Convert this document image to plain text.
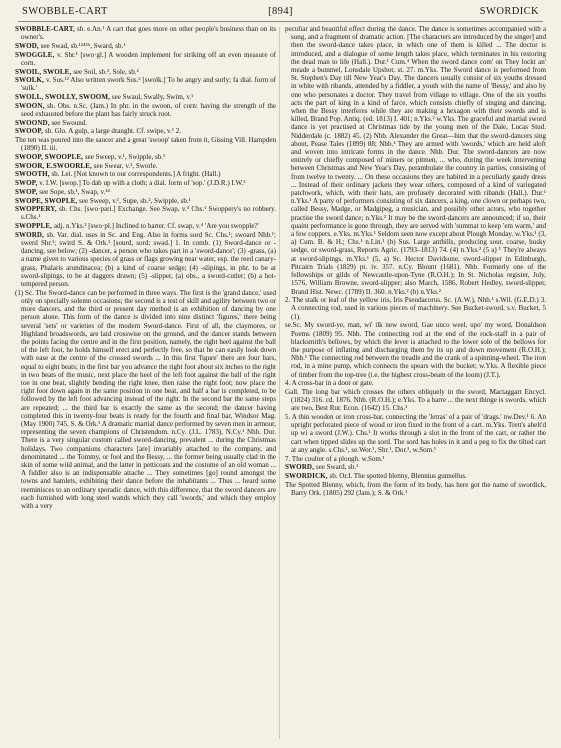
SWOBBLE-CART	[894]	SWORDICK

SWOBBLE-CART, sb. e.An.¹ A cart that goes more on other people's business than on its owner's.

SWOD, see Swad, sb.¹²⁴⁵⁶, Sward, sb.¹

SWOGGLE, v. Shr.¹ [swo·gl.] A wooden implement for striking off an even measure of corn.

SWOIL, SWOLE, see Soil, sb.², Sole, sb.²

SWOLK, v. Sus.¹² Also written swork Sus.² [swolk.] To be angry and surly; fa dial. form of 'sulk.'

SWOLL, SWOLLY, SWOOM, see Swaul, Swally, Swim, v.¹

SWOON, sb. Obs. n.Sc. (Jam.) In phr. in the swoon, of corn: having the strength of the seed exhausted before the plant has fairly struck root.

SWOOND, see Swound.

SWOOP, sb. Glo. A gulp, a large draught. Cf. swipe, v.¹ 2.

The ten was poured into the saucer and a great 'swoop' taken from it, Gissing Vill. Hampden (1890) II. iii.

SWOOP, SWOOPLE, see Sweep, v.¹, Swipple, sb.¹

SWOOR, E.SWOORLE, see Swear, v.², Sworle.

SWOOTH, sb. Lei. [Not known to our correspondents.] A fright. (Hall.)

SWOP, v. I.W. [swop.] To dab up with a cloth; a dial. form of 'sop.' (J.D.R.) I.W.²

SWOP, see Sope, sb.¹, Swap, v.¹⁴

SWOPE, SWOPLE, see Sweep, v.¹, Supe, sb.², Swipple, sb.¹

SWOPPERY, sb. Chs. [swo·pəri.] Exchange. See Swap, v.⁴ Chs.¹ Swoppery's no robbery. s.Chs.¹

SWOPPLE, adj. n.Yks.² [swo·pl.] Inclined to barter. Cf. swap, v.⁴ 'Are you swopple?'

SWORD, sb. Var. dial. uses in Sc. and Eng. Also in forms sord Sc. Chs.¹; swoard Nhb.¹; swerd Shr.¹; swird S. & Ork.¹ [sourd, sord; swǝd.] 1. In comb. (1) Sword-dance or -dancing, see below; (2) -dancer, a person who takes part in a 'sword-dance'; (3) -grass, (a) a name given to various species of grass or flags growing near water, esp. the reed canary-grass, Phalaris arundinacea; (b) a kind of coarse sedge; (4) -slipings, in phr. to be at sword-slipings, to be at daggers drawn; (5) -slipper, (a) obs., a sword-cutler; (b) a hot-tempered person.

(1) Sc. The Sword-dance can be performed in three ways. The first is the 'grand dance,' used only on specially solemn occasions; the second is a test of skill and agility between two or more dancers, and the third or present day method is an exhibition of dancing by one person alone. This form of the dance is divided into nine distinct 'figures,' there being several 'sets' or varieties of the modern Sword-dance. First of all, the claymores, or Highland broadswords, are laid crosswise on the ground, and the dancer stands between the points facing the centre and in the first position, namely, the right heel against the ball of the left foot, he holds himself erect and perfectly free, so that he can easily look down with ease at the centre of the crossed swords ... In this first 'figure' there are four bars, equal to eight beats; in the first bar you advance the right foot about six inches to the right in two beats of the music, next place the heel of the left foot against the ball of the right toe in one beat, slightly bending the right knee, then raise the right foot; now place the right foot down again in the same position in one beat, and half a bar is completed, to be followed by the left foot advancing instead of the right. In the second bar the same steps are repeated; ... the third bar is exactly the same as the second; the dancer having completed this in twenty-four beats is ready for the fourth and final bar, Windsor Mag. (May 1900) 745. S. & Ork.¹ A dramatic martial dance performed by seven men in armour, representing the seven champions of Christendom. n.Cy. (J.L. 1783), N.Cy.¹ Nhb. Dur. There is a very singular custom called sword-dancing, prevalent ... during the Christmas holidays. Two companions characters [are] invariably attached to the company, and denominated ... the Tommy, or fool and the Bessy, ... the former being usually clad in the skin of some wild animal, and the latter in petticoats and the costume of an old woman ... A fiddler also is an indispensable attache ... They sometimes [go] round amongst the towns and hamlets, exhibiting their dance before the inhabitants ... Thus ... heard some reeminisces to an ordinary sporadic dance, with this difference, that the sword dancers are each furnished with long steel wands which they call 'swords,' and which they employ with a very

peculiar and beautiful effect during the dance. The dance is sometimes accompanied with a song, and a fragment of dramatic action. [The characters are introduced by the singer] and then the sword-dance takes place, in which one of them is killed ... The doctor is introduced, and a dialogue of some length takes place, which terminates in his restoring the dead man to life (Hall.). Dur.¹ Cum.⁴ When the sword dance com' on They lockt an' meade a bummel, Lonsdale Upshot, st. 27. m.Yks. The Sword dance is performed from St. Stephen's Day till New Year's Day. The dancers usually consist of six youths dressed in white with ribands, attended by a fiddler, a youth with the name of 'Bessy,' and also by one who personates a doctor. They travel from village to village. One of the six youths acts the part of king in a kind of farce, which consists chiefly of singing and dancing, when the Bessy interferes while they are making a hexagon with their swords and is killed, Brand Pop. Antiq. (ed. 1813) I. 401; n.Yks.² w.Yks. The graceful and martial sword dance is yet practised at Christmas tide by the young men of the Dale, Lucas Stud. Nidderdale (c. 1882) 45. (2) Nhb. Alexander the Great—him that the sword-dancers sing about, Pease Tales (1899) 88; Nhb.¹ They are armed with 'swords,' which are held aloft and woven into intricate forms in the dance. Nhb. Dur. The sword-dancers are now entirely or chiefly composed of miners or pitmen, ... who, during the week intervening between Christmas and New Year's Day, perambulate the country in parties, consisting of from twelve to twenty. ... On these occasions they are habited in a peculiarly gaudy dress ... Instead of their ordinary jackets they wear others, composed of a kind of variegated patchwork, which, with their hats, are profusely decorated with ribands (Hall.). Dur.¹ n.Yks.¹ A party of performers consisting of six dancers, a king, one clown or perhaps two, called Bessy, Madge, or Madgipeg, a musician, and possibly other actors, who together practise the sword dance; n.Yks.² It may be the sword-dancers are announced; if so, their quaint performance is gone through, they are served with 'summat to keep 'em warm,' and a few coppers. e.Yks. m.Yks.¹ Seldom seen now except about Plough Monday. w.Yks.¹ (3, a) Cum. B. & H.; Chs.¹ n.Lin.¹ (b) Sus. Large anthills, producing sour, coarse, husky sedge, or sword-grass, Reports Agric. (1793–1813) 74. (4) n.Yks.² (5 a) ¹ They're always at sword-slipings. m.Yks.¹ (5, a) Sc. Hector Davidsone, sword-slipper in Edinburgh, Pitcairn Trials (1829) pt. iv. 357. n.Cy. Blount (1681). Nhb. Formerly one of the fellowships or gilds of Newcastle-upon-Tyne (R.O.H.); In St. Nicholas register, July, 1576, William Browne, sword-slipper; also March, 1586, Robert Hedley, sword-slipper, Brand Hist. Newc. (1789) II. 360. n.Yks.² (b) n.Yks.²

2. The stalk or leaf of the yellow iris, Iris Pseudacorus. Sc. (A.W.), Nhb.¹ s.Wil. (G.E.D.) 3. A connecting rod, used in various pieces of machinery. See Bucket-sword, s.v. Bucket, 5 (1).

se.Sc. My sword-ye, man, wi' ilk new sword, Gae unco weel, upo' my word, Donaldson Poems (1809) 95. Nhb. The connecting rod at the end of the rock-staff in a pair of blacksmith's bellows, by which the lever is attached to the lower sole of the bellows for the purpose of inflating and discharging them by its up and down movement (R.O.H.); Nhb.¹ The connecting rod between the treadle and the crank of a spinning-wheel. The iron rod, in a mine pump, which connects the spears with the bucket; w.Yks. A flexible piece of timber from the top-tree (i.e. the highest cross-beam of the loom) (J.T.).

4. A cross-bar in a door or gate.

Gall. The long bar which crosses the others obliquely in the sword, Mactaggart Encycl. (1824) 316. cd. 1876. Nhb. (R.O.H.); e.Yks. To a barre ... the next thinge is swords, which are two, Best Rur. Econ. (1642) 15. Chs.¹

5. A thin wooden or iron cross-bar, connecting the 'letras' of a pair of 'drags.' nw.Dev.¹ 6. An upright perforated piece of wood or iron fixed in the front of a cart. m.Yks. Trett's ahelt'd up wi a sword (J.W.). Chs.¹ It works through a slot in the front of the cart, or rather the cart when tipped slides up the sord. The sord has holes in it and a peg to fix the tilted cart at any angle. s.Chs.¹, se.Wor.¹, Shr.¹, Dor.¹, w.Som.¹

7. The coulter of a plough. w.Som.¹

SWORD, see Sward, sb.¹

SWORDICK, sb. Or.I. The spotted blenny, Blennius gunnellus.

The Spotted Blenny, which, from the form of its body, has here got the name of swordick, Barry Ork. (1805) 292 (Jam.); S. & Ork.¹
